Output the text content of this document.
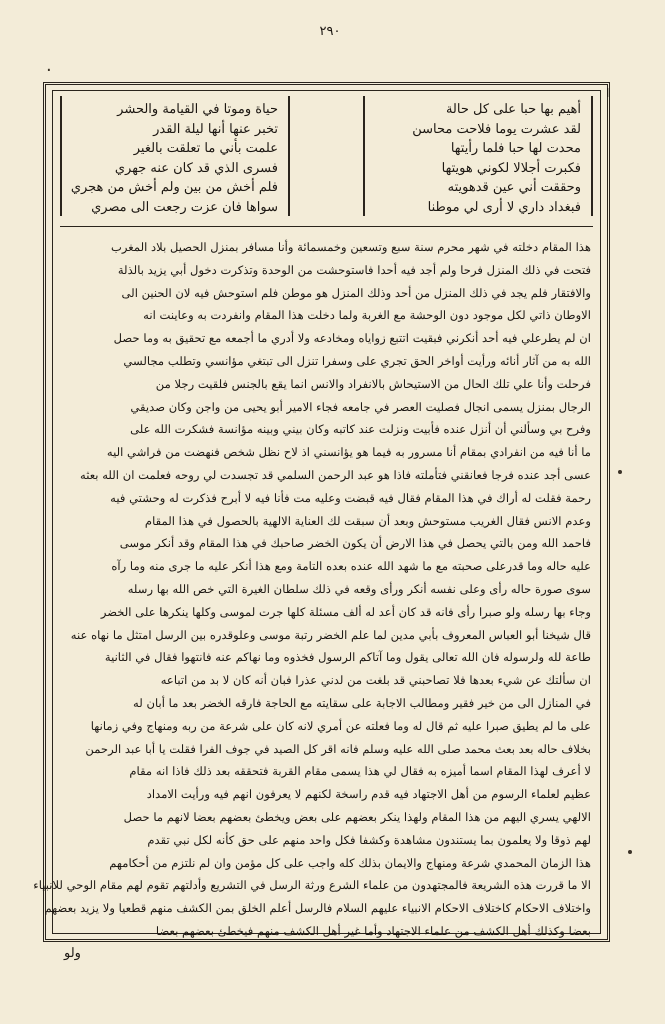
٢٩٠
·
ا
حياة وموتا في القيامة والحشر
تخبر عنها أنها ليلة القدر
علمت بأني ما تعلقت بالغير
فسرى الذي قد كان عنه جهري
فلم أخش من بين ولم أخش من هجري
سواها فان عزت رجعت الى مصري
أهيم بها حبا على كل حالة
لقد عشرت يوما فلاحت محاسن
محدت لها حبا فلما رأيتها
فكبرت أجلالا لكوني هويتها
وحققت أني عين قدهويته
فبغداد داري لا أرى لي موطنا
هذا المقام دخلته في شهر محرم سنة سبع وتسعين وخمسمائة وأنا مسافر بمنزل الحصيل بلاد المغرب
فتحت في ذلك المنزل فرحا ولم أجد فيه أحدا فاستوحشت من الوحدة وتذكرت دخول أبي يزيد بالذلة
والافتقار فلم يجد في ذلك المنزل من أحد وذلك المنزل هو موطن فلم استوحش فيه لان الحنين الى
الاوطان ذاتي لكل موجود دون الوحشة مع الغربة ولما دخلت هذا المقام وانفردت به وعاينت انه
ان لم يطرعلي فيه أحد أنكرني فبقيت اتتبع زواياه ومخادعه ولا أدري ما أجمعه مع تحقيق به وما حصل
الله به من آثار أنائه ورأيت أواخر الحق تجري على وسفرا تنزل الى تبتغي مؤانسي وتطلب مجالسي
فرحلت وأنا علي تلك الحال من الاستيحاش بالانفراد والانس انما يقع بالجنس فلقيت رجلا من
الرجال بمنزل يسمى انجال فصليت العصر في جامعه فجاء الامير أبو يحيى من واجن وكان صديقي
وفرح بي وسألني أن أنزل عنده فأبيت ونزلت عند كاتبه وكان بيني وبينه مؤانسة فشكرت الله على
ما أنا فيه من انفرادي بمقام أنا مسرور به فيما هو يؤانسني اذ لاح نظل شخص فنهضت من فراشي اليه
عسى أجد عنده فرجا فعانقني فتأملته فاذا هو عبد الرحمن السلمي قد تجسدت لي روحه فعلمت ان الله بعثه
رحمة فقلت له أراك في هذا المقام فقال فيه قبضت وعليه مت فأنا فيه لا أبرح فذكرت له وحشتي فيه
وعدم الانس فقال الغريب مستوحش وبعد أن سبقت لك العناية الالهية بالحصول في هذا المقام
فاحمد الله ومن بالتي يحصل في هذا الارض أن يكون الخضر صاحبك في هذا المقام وقد أنكر موسى
عليه حاله وما قدرعلى صحبته مع ما شهد الله عنده بعده التامة ومع هذا أنكر عليه ما جرى منه وما رآه
سوى صورة حاله رأى وعلى نفسه أنكر ورأى وقعه في ذلك سلطان الغيرة التي خص الله بها رسله
وجاء بها رسله ولو صبرا رأى فانه قد كان أعد له ألف مسئلة كلها جرت لموسى وكلها ينكرها على الخضر
قال شيخنا أبو العباس المعروف بأبي مدين لما علم الخضر رتبة موسى وعلوقدره بين الرسل امتثل ما نهاه عنه
طاعة لله ولرسوله فان الله تعالى يقول وما آتاكم الرسول فخذوه وما نهاكم عنه فانتهوا فقال في الثانية
ان سألتك عن شيء بعدها فلا تصاحبني قد بلغت من لدني عذرا فبان أنه كان لا بد من اتباعه
في المنازل الى من خير فقير ومطالب الاجابة على سقايته مع الحاجة فارقه الخضر بعد ما أبان له
على ما لم يطيق صبرا عليه ثم قال له وما فعلته عن أمري لانه كان على شرعة من ربه ومنهاج وفي زمانها
بخلاف حاله بعد بعث محمد صلى الله عليه وسلم فانه اقر كل الصيد في جوف الفرا فقلت يا أبا عبد الرحمن
لا أعرف لهذا المقام اسما أميزه به فقال لي هذا يسمى مقام القربة فتحققه بعد ذلك فاذا انه مقام
عظيم لعلماء الرسوم من أهل الاجتهاد فيه قدم راسخة لكنهم لا يعرفون انهم فيه ورأيت الامداد
الالهي يسري اليهم من هذا المقام ولهذا ينكر بعضهم على بعض ويخطئ بعضهم بعضا لانهم ما حصل
لهم ذوقا ولا يعلمون بما يستندون مشاهدة وكشفا فكل واحد منهم على حق كأنه لكل نبي تقدم
هذا الزمان المحمدي شرعة ومنهاج والايمان بذلك كله واجب على كل مؤمن وان لم نلتزم من أحكامهم
الا ما قررت هذه الشريعة فالمجتهدون من علماء الشرع ورثة الرسل في التشريع وأدلتهم تقوم لهم مقام الوحي للانبياء
واختلاف الاحكام كاختلاف الاحكام الانبياء عليهم السلام فالرسل أعلم الخلق بمن الكشف منهم قطعيا ولا يزيد بعضهم
بعضا وكذلك أهل الكشف من علماء الاجتهاد وأما غير أهل الكشف منهم فيخطئ بعضهم بعضا
ولو
